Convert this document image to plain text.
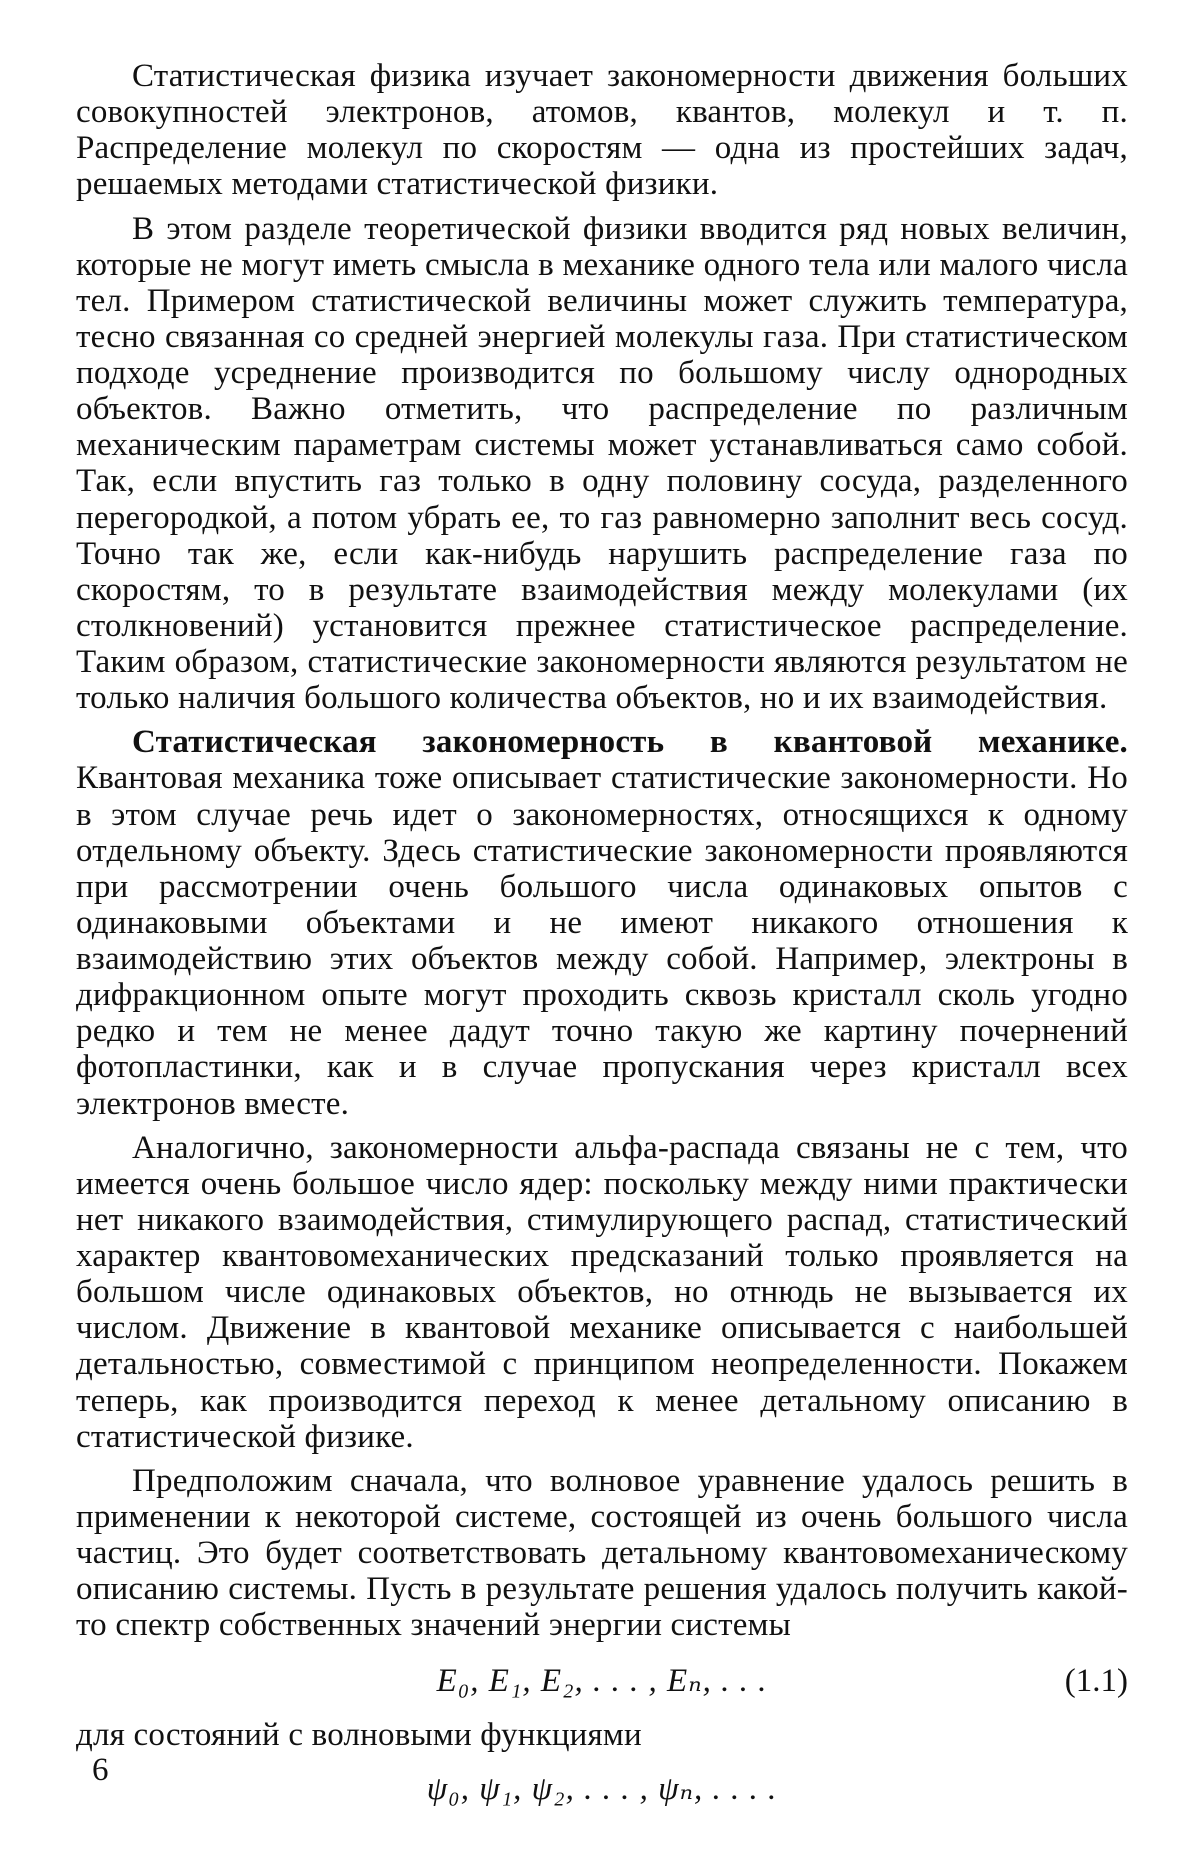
Статистическая физика изучает закономерности движения больших совокупностей электронов, атомов, квантов, молекул и т. п. Распределение молекул по скоростям — одна из простейших задач, решаемых методами статистической физики.

В этом разделе теоретической физики вводится ряд новых величин, которые не могут иметь смысла в механике одного тела или малого числа тел. Примером статистической величины может служить температура, тесно связанная со средней энергией молекулы газа. При статистическом подходе усреднение производится по большому числу однородных объектов. Важно отметить, что распределение по различным механическим параметрам системы может устанавливаться само собой. Так, если впустить газ только в одну половину сосуда, разделенного перегородкой, а потом убрать ее, то газ равномерно заполнит весь сосуд. Точно так же, если как-нибудь нарушить распределение газа по скоростям, то в результате взаимодействия между молекулами (их столкновений) установится прежнее статистическое распределение. Таким образом, статистические закономерности являются результатом не только наличия большого количества объектов, но и их взаимодействия.

Статистическая закономерность в квантовой механике. Квантовая механика тоже описывает статистические закономерности. Но в этом случае речь идет о закономерностях, относящихся к одному отдельному объекту. Здесь статистические закономерности проявляются при рассмотрении очень большого числа одинаковых опытов с одинаковыми объектами и не имеют никакого отношения к взаимодействию этих объектов между собой. Например, электроны в дифракционном опыте могут проходить сквозь кристалл сколь угодно редко и тем не менее дадут точно такую же картину почернений фотопластинки, как и в случае пропускания через кристалл всех электронов вместе.

Аналогично, закономерности альфа-распада связаны не с тем, что имеется очень большое число ядер: поскольку между ними практически нет никакого взаимодействия, стимулирующего распад, статистический характер квантовомеханических предсказаний только проявляется на большом числе одинаковых объектов, но отнюдь не вызывается их числом. Движение в квантовой механике описывается с наибольшей детальностью, совместимой с принципом неопределенности. Покажем теперь, как производится переход к менее детальному описанию в статистической физике.

Предположим сначала, что волновое уравнение удалось решить в применении к некоторой системе, состоящей из очень большого числа частиц. Это будет соответствовать детальному квантовомеханическому описанию системы. Пусть в результате решения удалось получить какой-то спектр собственных значений энергии системы

E₀, E₁, E₂, . . . , Eₙ, . . .	(1.1)

для состояний с волновыми функциями

ψ₀, ψ₁, ψ₂, . . . , ψₙ, . . . .
6
